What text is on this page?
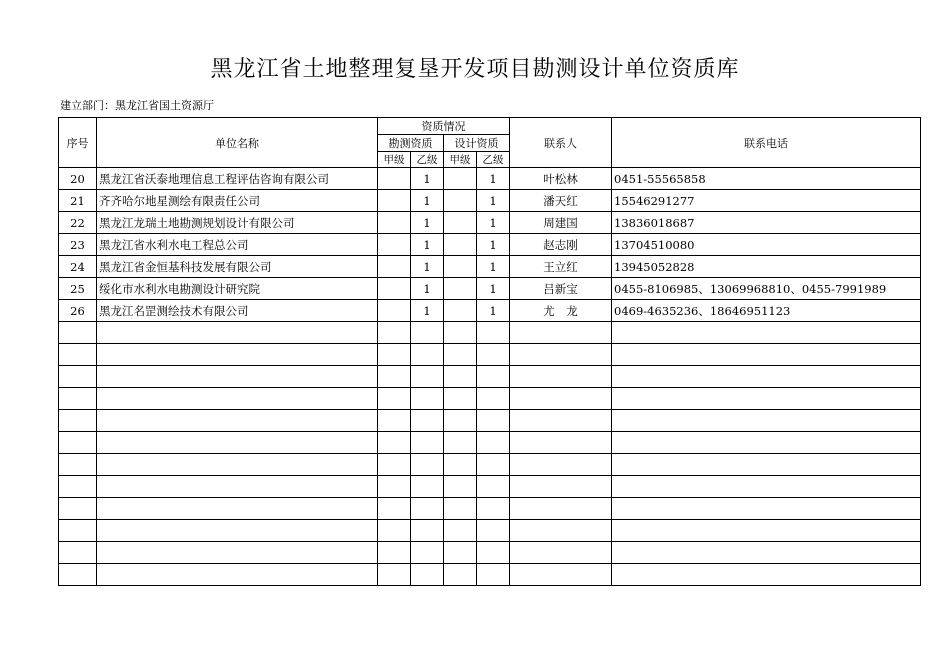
黑龙江省土地整理复垦开发项目勘测设计单位资质库
建立部门：黑龙江省国土资源厅
序号	单位名称	资质情况				联系人	联系电话
		勘测资质		设计资质			
		甲级	乙级	甲级	乙级		
20	黑龙江省沃泰地理信息工程评估咨询有限公司		1		1	叶松林	0451-55565858
21	齐齐哈尔地星测绘有限责任公司		1		1	潘天红	15546291277
22	黑龙江龙瑞土地勘测规划设计有限公司		1		1	周建国	13836018687
23	黑龙江省水利水电工程总公司		1		1	赵志刚	13704510080
24	黑龙江省金恒基科技发展有限公司		1		1	王立红	13945052828
25	绥化市水利水电勘测设计研究院		1		1	吕新宝	0455-8106985、13069968810、0455-7991989
26	黑龙江名罡测绘技术有限公司		1		1	尤　龙	0469-4635236、18646951123
